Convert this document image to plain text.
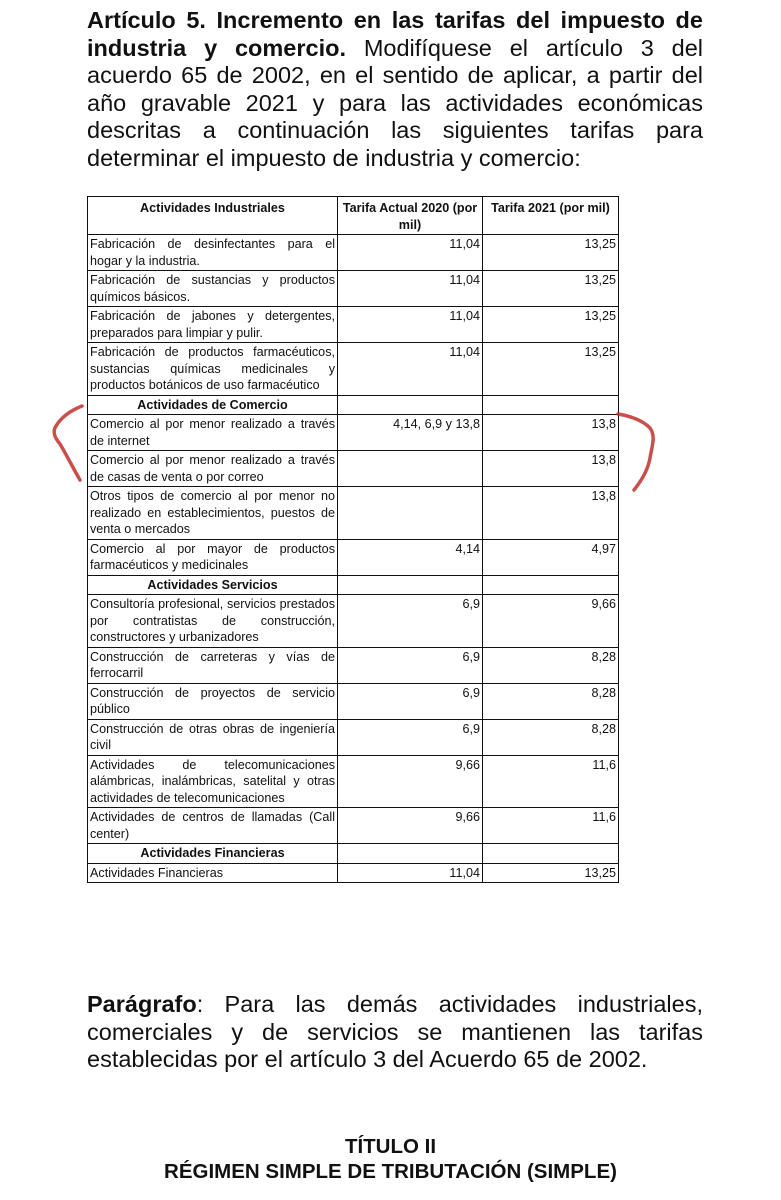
Artículo 5. Incremento en las tarifas del impuesto de industria y comercio. Modifíquese el artículo 3 del acuerdo 65 de 2002, en el sentido de aplicar, a partir del año gravable 2021 y para las actividades económicas descritas a continuación las siguientes tarifas para determinar el impuesto de industria y comercio:
Actividades Industriales	Tarifa Actual 2020 (por mil)	Tarifa 2021 (por mil)
Fabricación de desinfectantes para el hogar y la industria.	11,04	13,25
Fabricación de sustancias y productos químicos básicos.	11,04	13,25
Fabricación de jabones y detergentes, preparados para limpiar y pulir.	11,04	13,25
Fabricación de productos farmacéuticos, sustancias químicas medicinales y productos botánicos de uso farmacéutico	11,04	13,25
Actividades de Comercio		
Comercio al por menor realizado a través de internet	4,14, 6,9 y 13,8	13,8
Comercio al por menor realizado a través de casas de venta o por correo		13,8
Otros tipos de comercio al por menor no realizado en establecimientos, puestos de venta o mercados		13,8
Comercio al por mayor de productos farmacéuticos y medicinales	4,14	4,97
Actividades Servicios		
Consultoría profesional, servicios prestados por contratistas de construcción, constructores y urbanizadores	6,9	9,66
Construcción de carreteras y vías de ferrocarril	6,9	8,28
Construcción de proyectos de servicio público	6,9	8,28
Construcción de otras obras de ingeniería civil	6,9	8,28
Actividades de telecomunicaciones alámbricas, inalámbricas, satelital y otras actividades de telecomunicaciones	9,66	11,6
Actividades de centros de llamadas (Call center)	9,66	11,6
Actividades Financieras		
Actividades Financieras	11,04	13,25
Parágrafo: Para las demás actividades industriales, comerciales y de servicios se mantienen las tarifas establecidas por el artículo 3 del Acuerdo 65 de 2002.
TÍTULO II
RÉGIMEN SIMPLE DE TRIBUTACIÓN (SIMPLE)
